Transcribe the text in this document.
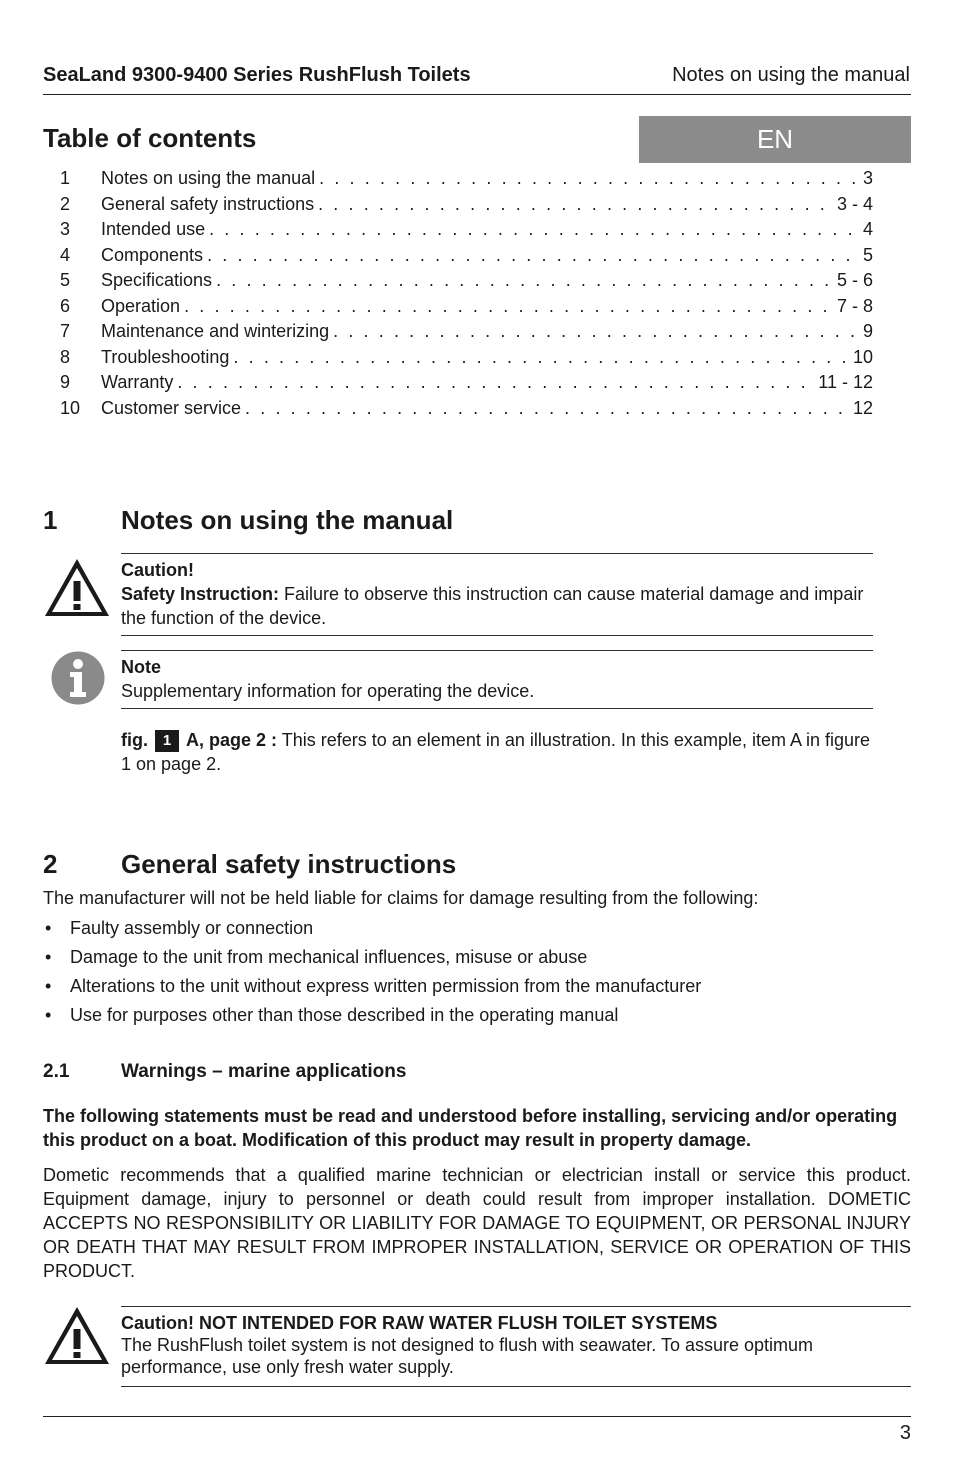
SeaLand 9300-9400 Series RushFlush Toilets	Notes on using the manual
Table of contents	EN
1	Notes on using the manual . . .	3
2	General safety instructions . . .	3 - 4
3	Intended use . . .	4
4	Components . . .	5
5	Specifications . . .	5 - 6
6	Operation . . .	7 - 8
7	Maintenance and winterizing . . .	9
8	Troubleshooting . . .	10
9	Warranty . . .	11 - 12
10	Customer service . . .	12
1 Notes on using the manual
Caution!
Safety Instruction: Failure to observe this instruction can cause material damage and impair the function of the device.
Note
Supplementary information for operating the device.
fig. 1 A, page 2 : This refers to an element in an illustration. In this example, item A in figure 1 on page 2.
2 General safety instructions
The manufacturer will not be held liable for claims for damage resulting from the following:
•	Faulty assembly or connection
•	Damage to the unit from mechanical influences, misuse or abuse
•	Alterations to the unit without express written permission from the manufacturer
•	Use for purposes other than those described in the operating manual
2.1	Warnings – marine applications
The following statements must be read and understood before installing, servicing and/or operating this product on a boat. Modification of this product may result in property damage.
Dometic recommends that a qualified marine technician or electrician install or service this product. Equipment damage, injury to personnel or death could result from improper installation. DOMETIC ACCEPTS NO RESPONSIBILITY OR LIABILITY FOR DAMAGE TO EQUIPMENT, OR PERSONAL INJURY OR DEATH THAT MAY RESULT FROM IMPROPER INSTALLATION, SERVICE OR OPERATION OF THIS PRODUCT.
Caution! NOT INTENDED FOR RAW WATER FLUSH TOILET SYSTEMS
The RushFlush toilet system is not designed to flush with seawater. To assure optimum performance, use only fresh water supply.
3
